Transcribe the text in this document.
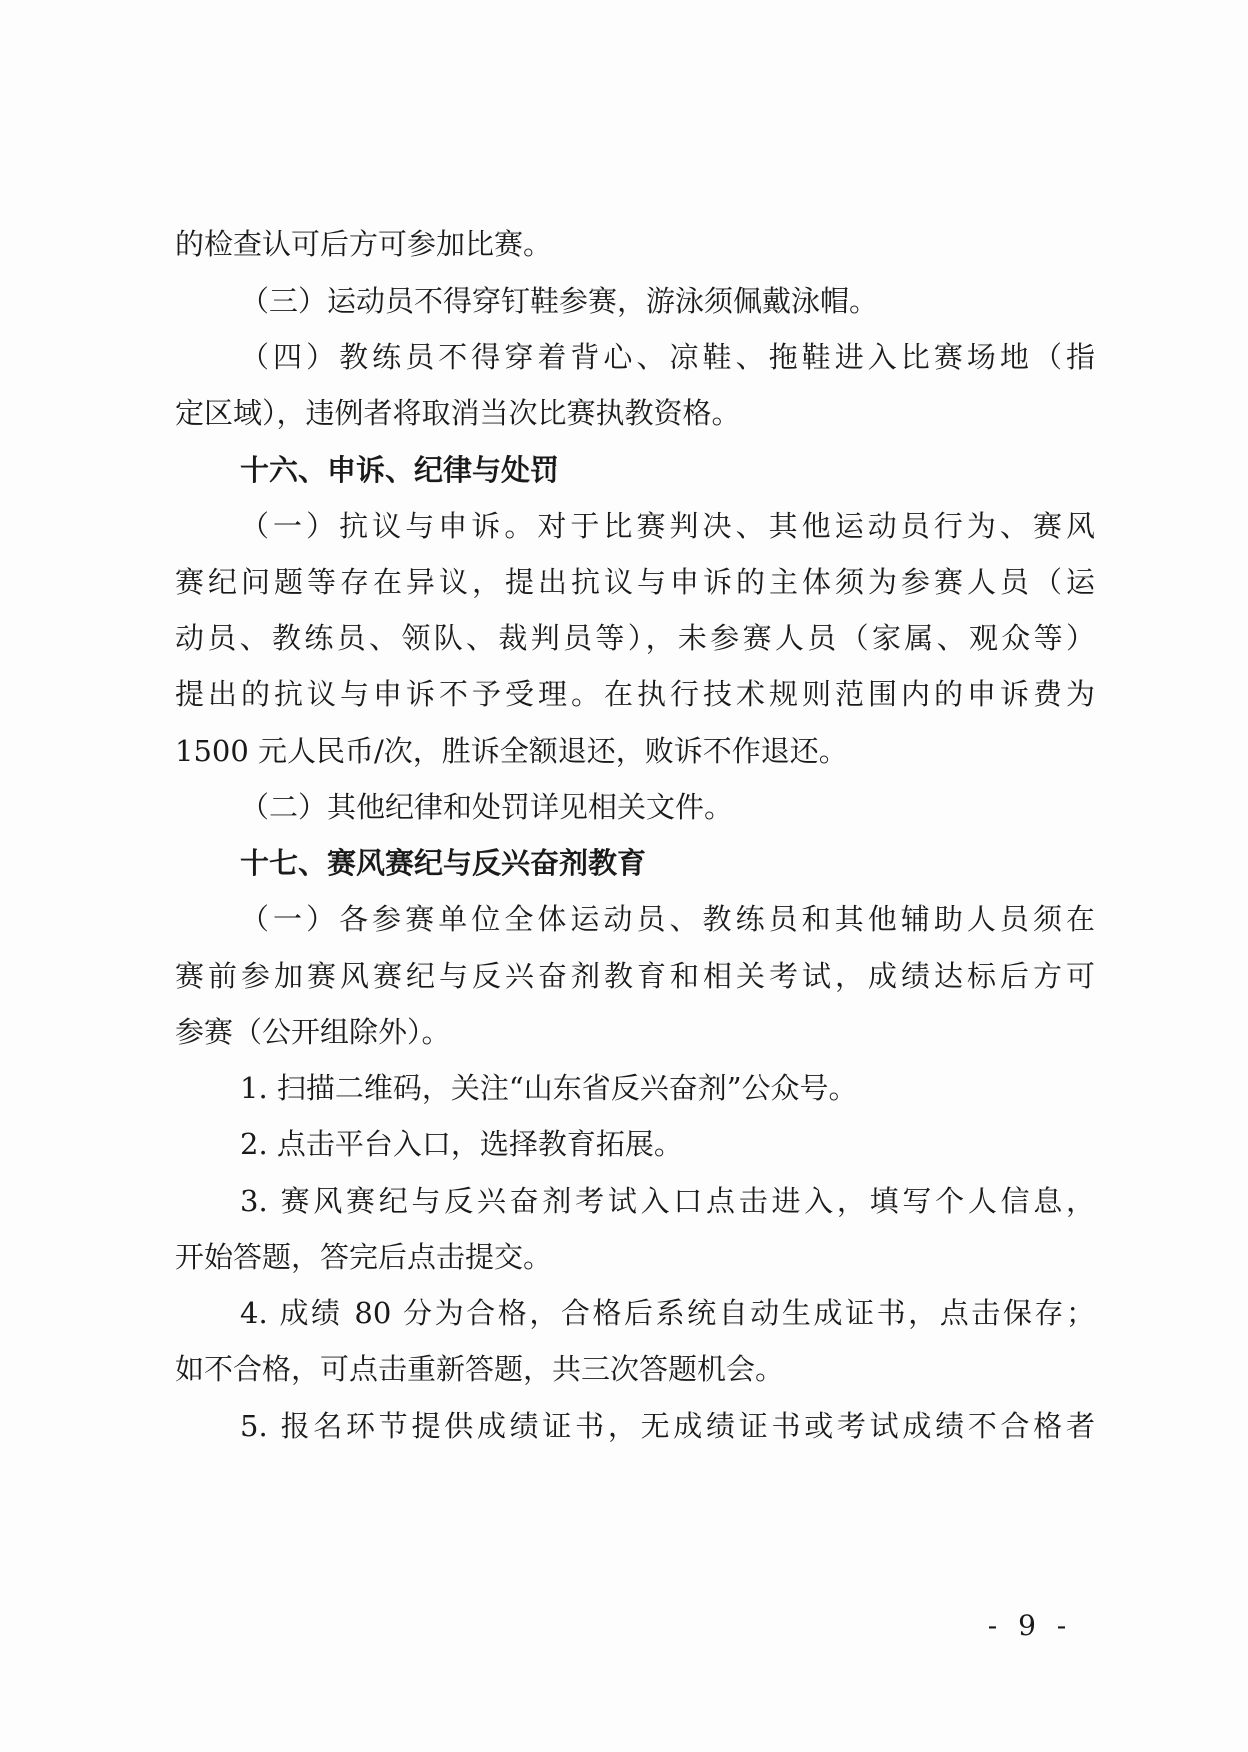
的检查认可后方可参加比赛。
（三）运动员不得穿钉鞋参赛，游泳须佩戴泳帽。
（四）教练员不得穿着背心、凉鞋、拖鞋进入比赛场地（指
定区域），违例者将取消当次比赛执教资格。
十六、申诉、纪律与处罚
（一）抗议与申诉。对于比赛判决、其他运动员行为、赛风
赛纪问题等存在异议，提出抗议与申诉的主体须为参赛人员（运
动员、教练员、领队、裁判员等），未参赛人员（家属、观众等）
提出的抗议与申诉不予受理。在执行技术规则范围内的申诉费为
1500 元人民币/次，胜诉全额退还，败诉不作退还。
（二）其他纪律和处罚详见相关文件。
十七、赛风赛纪与反兴奋剂教育
（一）各参赛单位全体运动员、教练员和其他辅助人员须在
赛前参加赛风赛纪与反兴奋剂教育和相关考试，成绩达标后方可
参赛（公开组除外）。
1. 扫描二维码，关注“山东省反兴奋剂”公众号。
2. 点击平台入口，选择教育拓展。
3. 赛风赛纪与反兴奋剂考试入口点击进入，填写个人信息，
开始答题，答完后点击提交。
4. 成绩 80 分为合格，合格后系统自动生成证书，点击保存；
如不合格，可点击重新答题，共三次答题机会。
5. 报名环节提供成绩证书，无成绩证书或考试成绩不合格者
- 9 -
